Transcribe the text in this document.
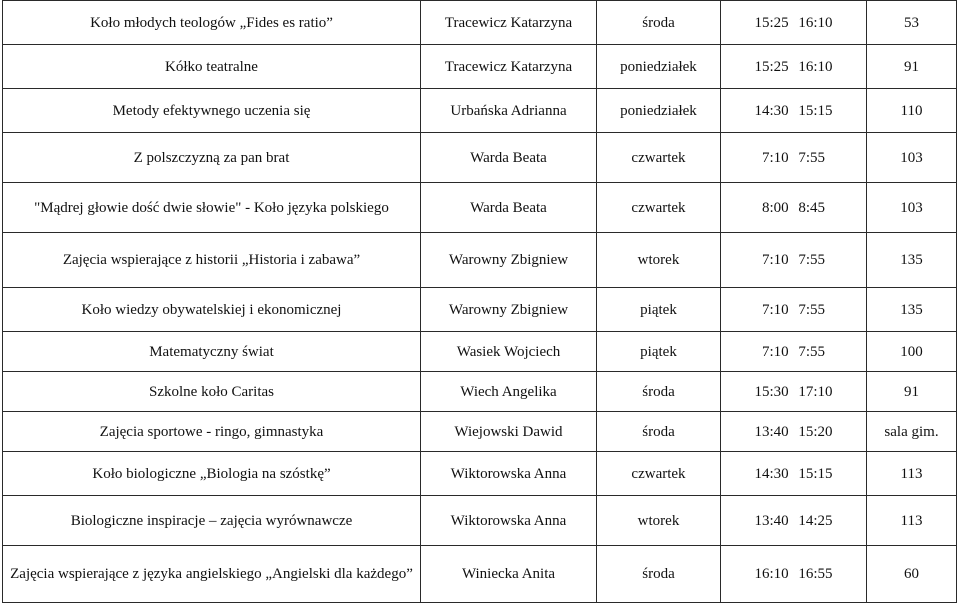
Koło młodych teologów „Fides es ratio”	Tracewicz Katarzyna	środa	15:25 16:10	53
Kółko teatralne	Tracewicz Katarzyna	poniedziałek	15:25 16:10	91
Metody efektywnego uczenia się	Urbańska Adrianna	poniedziałek	14:30 15:15	110
Z polszczyzną za pan brat	Warda Beata	czwartek	7:10 7:55	103
"Mądrej głowie dość dwie słowie" - Koło języka polskiego	Warda Beata	czwartek	8:00 8:45	103
Zajęcia wspierające z historii „Historia i zabawa”	Warowny Zbigniew	wtorek	7:10 7:55	135
Koło wiedzy obywatelskiej i ekonomicznej	Warowny Zbigniew	piątek	7:10 7:55	135
Matematyczny świat	Wasiek Wojciech	piątek	7:10 7:55	100
Szkolne koło Caritas	Wiech Angelika	środa	15:30 17:10	91
Zajęcia sportowe - ringo, gimnastyka	Wiejowski Dawid	środa	13:40 15:20	sala gim.
Koło biologiczne „Biologia na szóstkę”	Wiktorowska Anna	czwartek	14:30 15:15	113
Biologiczne inspiracje – zajęcia wyrównawcze	Wiktorowska Anna	wtorek	13:40 14:25	113
Zajęcia wspierające z języka angielskiego „Angielski dla każdego”	Winiecka Anita	środa	16:10 16:55	60
